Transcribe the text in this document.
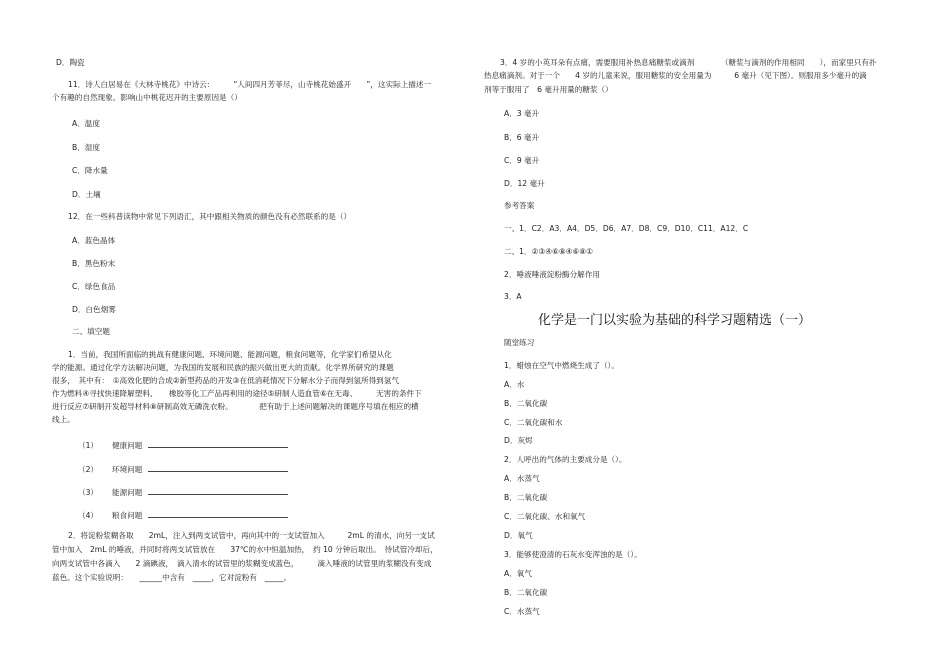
D．陶瓷
11．诗人白居易在《大林寺桃花》中诗云：　　　“人间四月芳菲尽，山寺桃花始盛开　　”，这实际上描述一
个有趣的自然现象。影响山中桃花迟开的主要原因是（）
A．温度
B．湿度
C．降水量
D．土壤
12．在一些科普读物中常见下列语汇，其中跟相关物质的颜色没有必然联系的是（）
A．蓝色晶体
B．黑色粉末
C．绿色食品
D．白色烟雾
二、填空题
1．当前，我国所面临的挑战有健康问题、环境问题、能源问题，粮食问题等，化学家们希望从化
学的能源。通过化学方法解决问题，为我国的发展和民族的振兴做出更大的贡献。化学界所研究的课题
很多，　其中有：　①高效化肥的合成②新型药品的开发③在低消耗情况下分解水分子而得到氢所得到氢气
作为燃料④寻找快速降解塑料、　　橡胶等化工产品再利用的途径⑤研制人造血管⑥在无毒、　　　无害的条件下
进行反应⑦研制开发超导材料⑧研制高效无磷洗衣粉。　　　　把有助于上述问题解决的课题序号填在相应的横
线上。
2．将淀粉浆糊各取　　2mL，注入到两支试管中，再向其中的一支试管加入　　　2mL 的清水，向另一支试
管中加入　2mL 的唾液，并同时将两支试管放在　　37℃的水中恒温加热，　约 10 分钟后取出。　待试管冷却后，
向两支试管中各滴入　　2 滴碘液，　滴入清水的试管里的浆糊变成蓝色，　　　滴入唾液的试管里的浆糊没有变成
蓝色。这个实验说明：　　______中含有　_____，它对淀粉有　_____。
3．4 岁的小英耳朵有点痛，需要服用补热息痛糖浆或滴剂　　　　（糖浆与滴剂的作用相同　　），而家里只有扑
热息痛滴剂。对于一个　　4 岁的儿童来说，服用糖浆的安全用量为　　　6 毫升（见下图）。则服用多少毫升的滴
剂等于服用了　6 毫升用量的糖浆（）
A．3 毫升
B．6 毫升
C．9 毫升
D．12 毫升
参考答案
一、1．C2．A3．A4．D5．D6．A7．D8．C9．D10．C11．A12．C
二、1．②③④⑥⑧④⑥⑧①
2．唾液唾液淀粉酶分解作用
3．A
随堂练习
1．蜡烛在空气中燃烧生成了（）。
A．水
B．二氧化碳
C．二氧化碳和水
D．灰烬
2．人呼出的气体的主要成分是（）。
A．水蒸气
B．二氧化碳
C．二氧化碳、水和氧气
D．氧气
3．能够使澄清的石灰水变浑浊的是（）。
A．氧气
B．二氧化碳
C．水蒸气
（1） 健康问题
（2） 环境问题
（3） 能源问题
（4） 粮食问题
化学是一门以实验为基础的科学习题精选（一）
